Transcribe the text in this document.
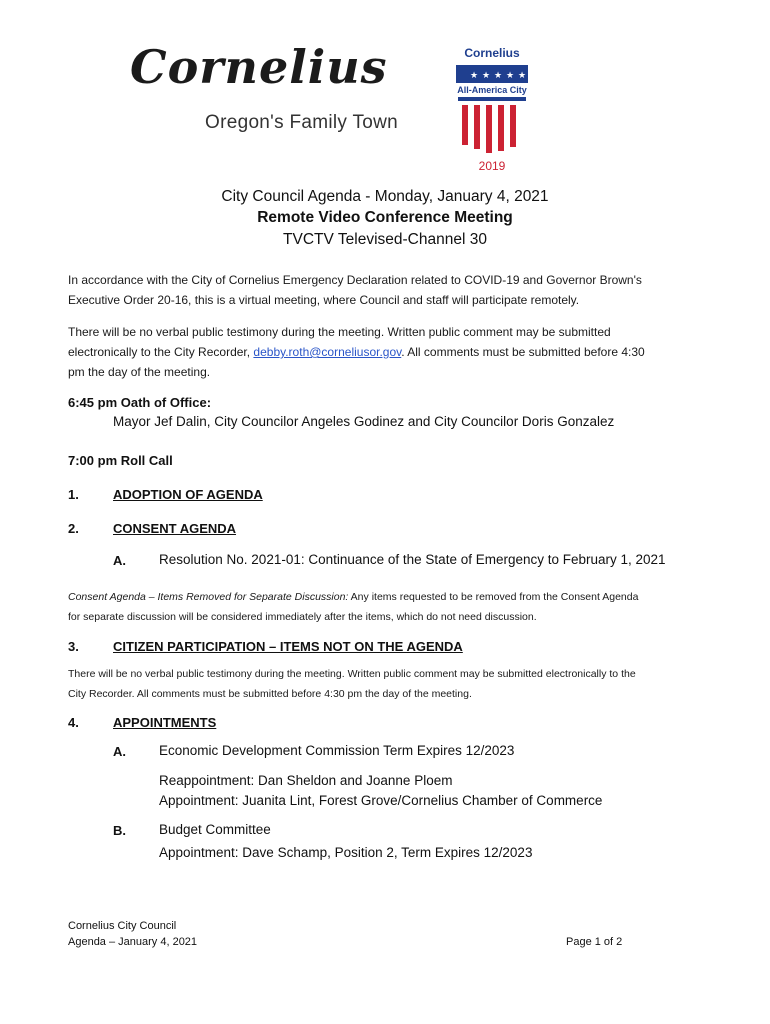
Cornelius
Oregon's Family Town
Cornelius
★ ★ ★ ★ ★
All-America City
2019
City Council Agenda - Monday, January 4, 2021
Remote Video Conference Meeting
TVCTV Televised-Channel 30
In accordance with the City of Cornelius Emergency Declaration related to COVID-19 and Governor Brown's
Executive Order 20-16, this is a virtual meeting, where Council and staff will participate remotely.
There will be no verbal public testimony during the meeting. Written public comment may be submitted
electronically to the City Recorder, debby.roth@corneliusor.gov. All comments must be submitted before 4:30
pm the day of the meeting.
6:45 pm Oath of Office:
Mayor Jef Dalin, City Councilor Angeles Godinez and City Councilor Doris Gonzalez
7:00 pm Roll Call
1.	ADOPTION OF AGENDA
2.	CONSENT AGENDA
A. Resolution No. 2021-01: Continuance of the State of Emergency to February 1, 2021
Consent Agenda – Items Removed for Separate Discussion: Any items requested to be removed from the Consent Agenda
for separate discussion will be considered immediately after the items, which do not need discussion.
3.	CITIZEN PARTICIPATION – ITEMS NOT ON THE AGENDA
There will be no verbal public testimony during the meeting. Written public comment may be submitted electronically to the
City Recorder. All comments must be submitted before 4:30 pm the day of the meeting.
4.	APPOINTMENTS
A. Economic Development Commission Term Expires 12/2023
Reappointment: Dan Sheldon and Joanne Ploem
Appointment: Juanita Lint, Forest Grove/Cornelius Chamber of Commerce
B. Budget Committee
Appointment: Dave Schamp, Position 2, Term Expires 12/2023
Cornelius City Council
Agenda – January 4, 2021	Page 1 of 2
